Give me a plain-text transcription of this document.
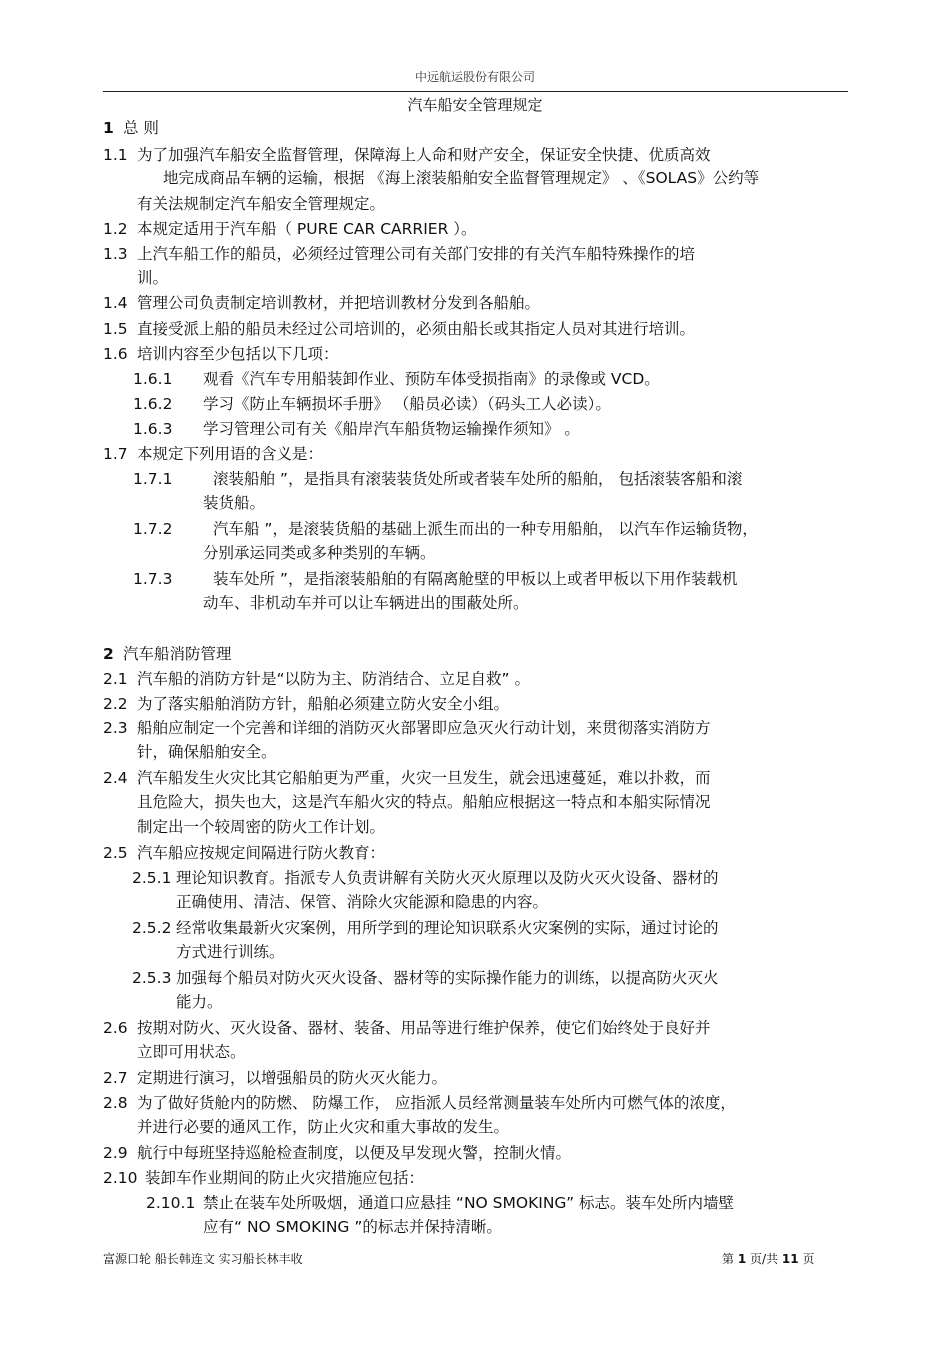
中远航运股份有限公司
汽车船安全管理规定
1 总 则
1.1 为了加强汽车船安全监督管理，保障海上人命和财产安全，保证安全快捷、优质高效
地完成商品车辆的运输，根据 《海上滚装船舶安全监督管理规定》 、《SOLAS》公约等
有关法规制定汽车船安全管理规定。
1.2 本规定适用于汽车船（ PURE CAR CARRIER ）。
1.3 上汽车船工作的船员，必须经过管理公司有关部门安排的有关汽车船特殊操作的培
训。
1.4 管理公司负责制定培训教材，并把培训教材分发到各船舶。
1.5 直接受派上船的船员未经过公司培训的，必须由船长或其指定人员对其进行培训。
1.6 培训内容至少包括以下几项：
1.6.1 观看《汽车专用船装卸作业、预防车体受损指南》的录像或 VCD。
1.6.2 学习《防止车辆损坏手册》 （船员必读）（码头工人必读）。
1.6.3 学习管理公司有关《船岸汽车船货物运输操作须知》 。
1.7 本规定下列用语的含义是：
1.7.1	滚装船舶 ”，是指具有滚装装货处所或者装车处所的船舶， 包括滚装客船和滚
装货船。
1.7.2	汽车船 ”，是滚装货船的基础上派生而出的一种专用船舶， 以汽车作运输货物，
分别承运同类或多种类别的车辆。
1.7.3	装车处所 ”，是指滚装船舶的有隔离舱壁的甲板以上或者甲板以下用作装载机
动车、非机动车并可以让车辆进出的围蔽处所。
2 汽车船消防管理
2.1 汽车船的消防方针是“以防为主、防消结合、立足自救” 。
2.2 为了落实船舶消防方针，船舶必须建立防火安全小组。
2.3 船舶应制定一个完善和详细的消防灭火部署即应急灭火行动计划，来贯彻落实消防方
针，确保船舶安全。
2.4 汽车船发生火灾比其它船舶更为严重，火灾一旦发生，就会迅速蔓延，难以扑救，而
且危险大，损失也大，这是汽车船火灾的特点。船舶应根据这一特点和本船实际情况
制定出一个较周密的防火工作计划。
2.5 汽车船应按规定间隔进行防火教育：
2.5.1 理论知识教育。指派专人负责讲解有关防火灭火原理以及防火灭火设备、器材的
正确使用、清洁、保管、消除火灾能源和隐患的内容。
2.5.2 经常收集最新火灾案例，用所学到的理论知识联系火灾案例的实际，通过讨论的
方式进行训练。
2.5.3 加强每个船员对防火灭火设备、器材等的实际操作能力的训练，以提高防火灭火
能力。
2.6 按期对防火、灭火设备、器材、装备、用品等进行维护保养，使它们始终处于良好并
立即可用状态。
2.7 定期进行演习，以增强船员的防火灭火能力。
2.8 为了做好货舱内的防燃、 防爆工作， 应指派人员经常测量装车处所内可燃气体的浓度，
并进行必要的通风工作，防止火灾和重大事故的发生。
2.9 航行中每班坚持巡舱检查制度，以便及早发现火警，控制火情。
2.10 装卸车作业期间的防止火灾措施应包括：
2.10.1 禁止在装车处所吸烟，通道口应悬挂 “NO SMOKING” 标志。装车处所内墙壁
应有“ NO SMOKING ”的标志并保持清晰。
富源口轮 船长韩连文 实习船长林丰收	第 1 页/共 11 页
